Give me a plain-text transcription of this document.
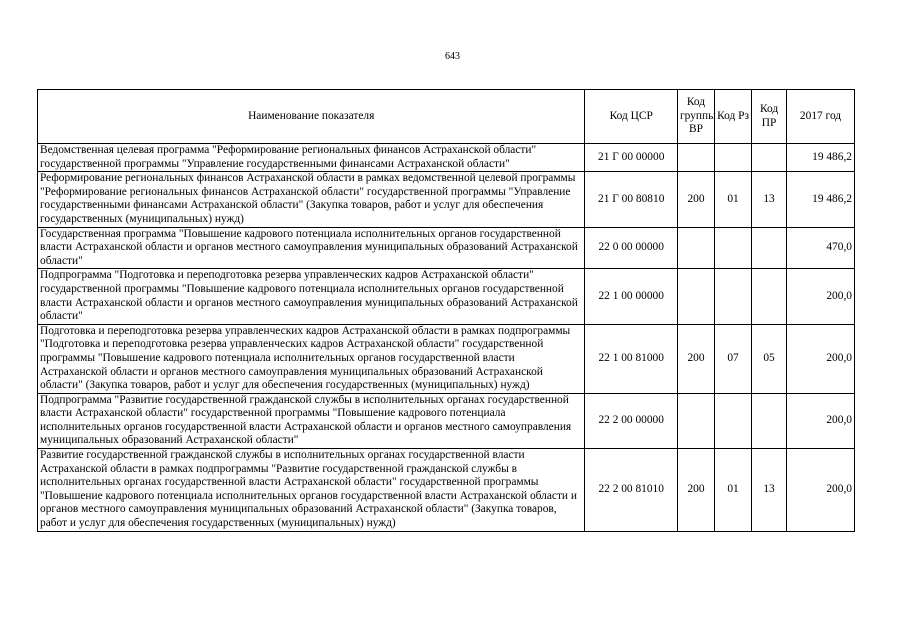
643
Наименование показателя	Код ЦСР	Код группы ВР	Код Рз	Код ПР	2017 год
Ведомственная целевая программа "Реформирование региональных финансов Астраханской области" государственной программы "Управление государственными финансами Астраханской области"	21 Г 00 00000				19 486,2
Реформирование региональных финансов Астраханской области в рамках ведомственной целевой программы "Реформирование региональных финансов Астраханской области" государственной программы "Управление государственными финансами Астраханской области" (Закупка товаров, работ и услуг для обеспечения государственных (муниципальных) нужд)	21 Г 00 80810	200	01	13	19 486,2
Государственная программа "Повышение кадрового потенциала исполнительных органов государственной власти Астраханской области и органов местного самоуправления муниципальных образований Астраханской области"	22 0 00 00000				470,0
Подпрограмма "Подготовка и переподготовка резерва управленческих кадров Астраханской области" государственной программы "Повышение кадрового потенциала исполнительных органов государственной власти Астраханской области и органов местного самоуправления муниципальных образований Астраханской области"	22 1 00 00000				200,0
Подготовка и переподготовка резерва управленческих кадров Астраханской области в рамках подпрограммы "Подготовка и переподготовка резерва управленческих кадров Астраханской области" государственной программы "Повышение кадрового потенциала исполнительных органов государственной власти Астраханской области и органов местного самоуправления муниципальных образований Астраханской области" (Закупка товаров, работ и услуг для обеспечения государственных (муниципальных) нужд)	22 1 00 81000	200	07	05	200,0
Подпрограмма "Развитие государственной гражданской службы в исполнительных органах государственной власти Астраханской области" государственной программы "Повышение кадрового потенциала исполнительных органов государственной власти Астраханской области и органов местного самоуправления муниципальных образований Астраханской области"	22 2 00 00000				200,0
Развитие государственной гражданской службы в исполнительных органах государственной власти Астраханской области в рамках подпрограммы "Развитие государственной гражданской службы в исполнительных органах государственной власти Астраханской области" государственной программы "Повышение кадрового потенциала исполнительных органов государственной власти Астраханской области и органов местного самоуправления муниципальных образований Астраханской области" (Закупка товаров, работ и услуг для обеспечения государственных (муниципальных) нужд)	22 2 00 81010	200	01	13	200,0
